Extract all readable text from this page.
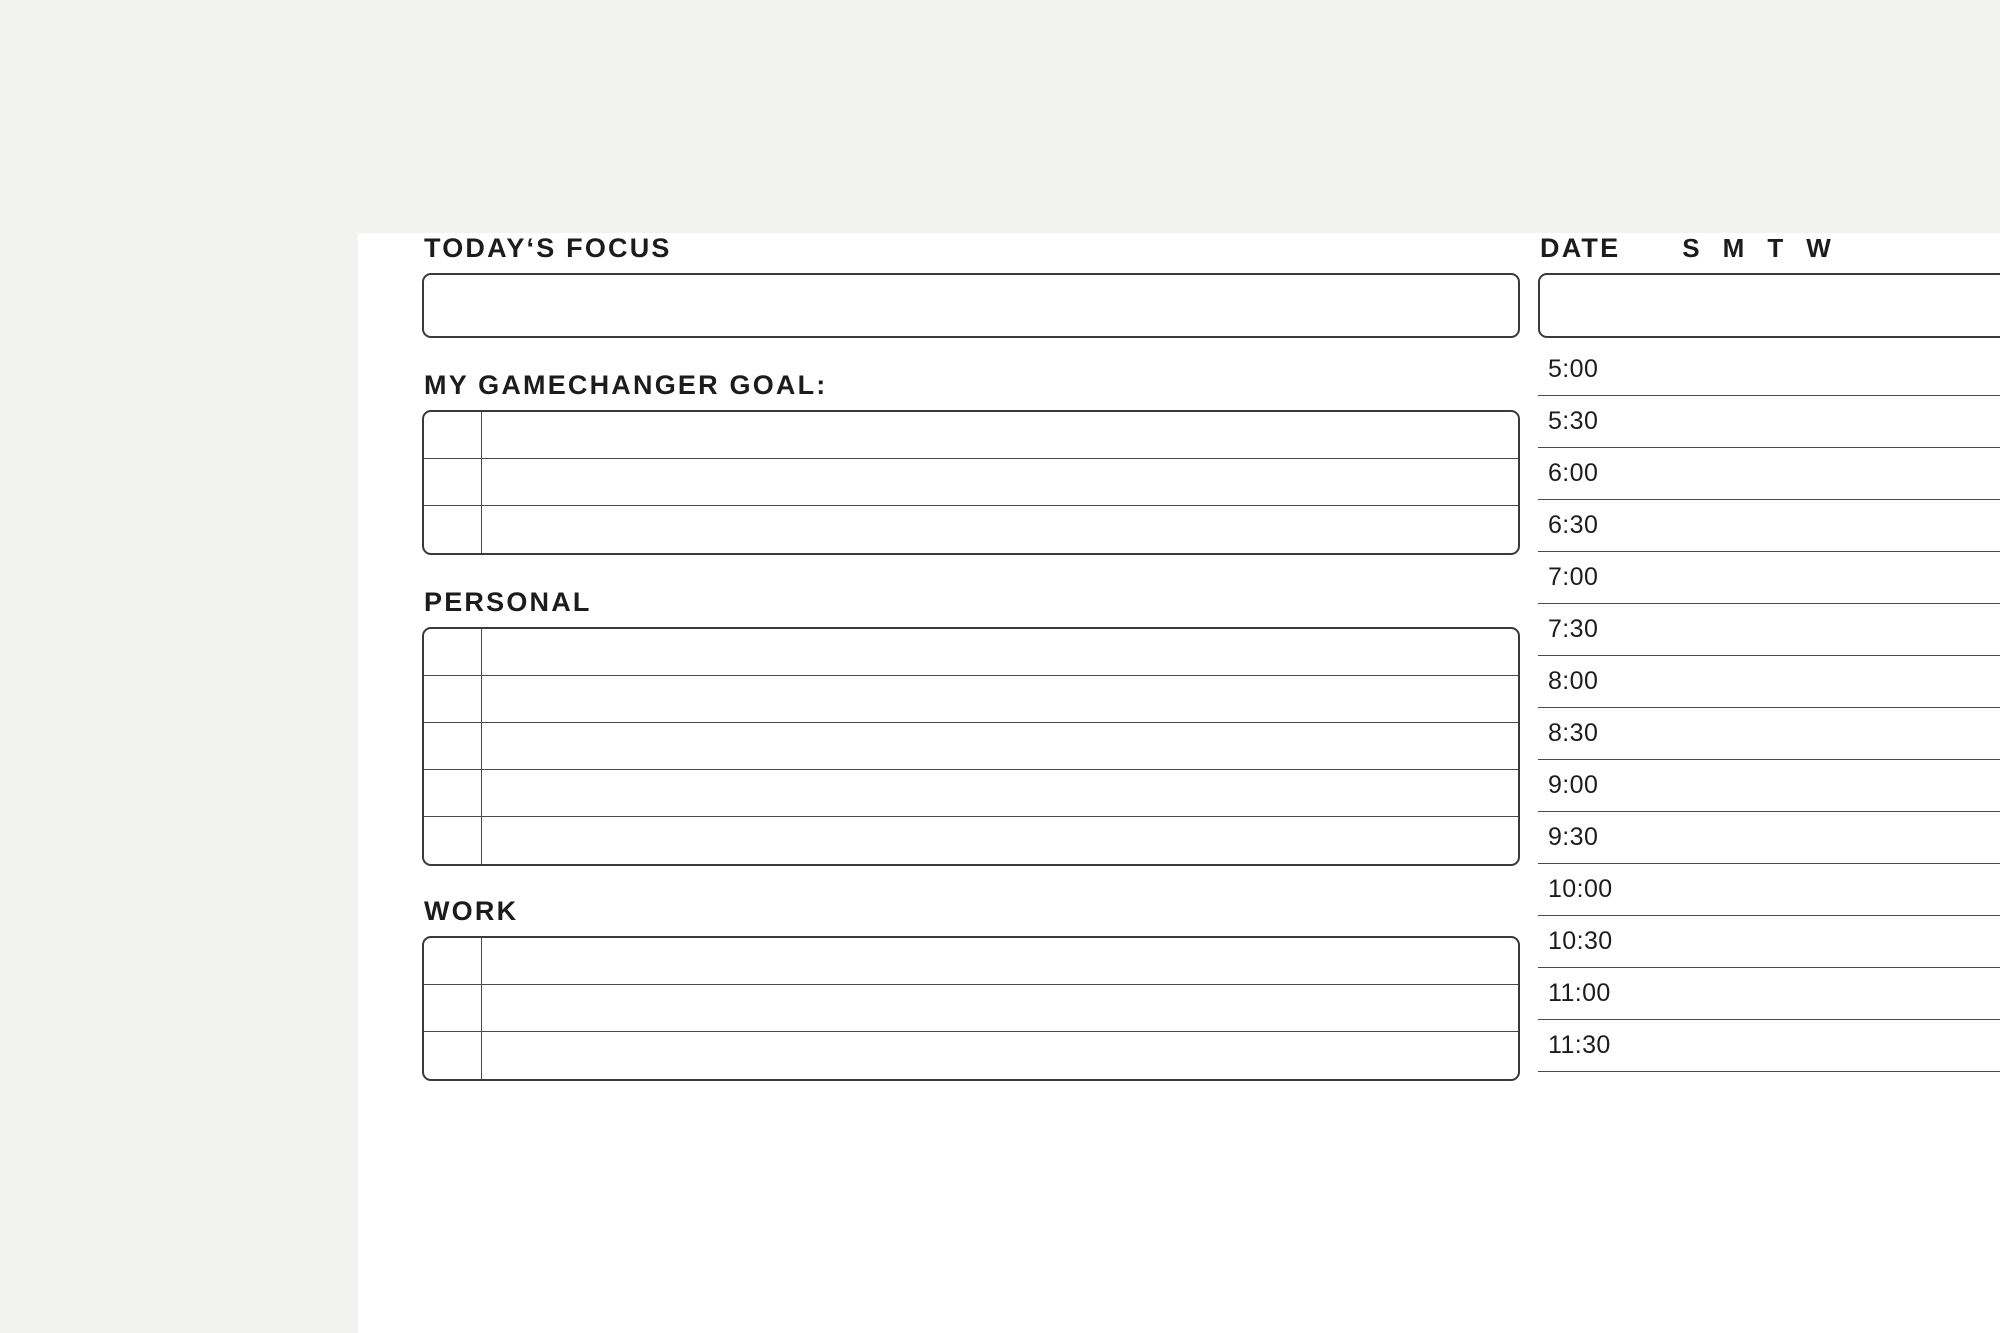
TODAY‘S FOCUS
MY GAMECHANGER GOAL:
PERSONAL
WORK
DATE S M T W
5:00
5:30
6:00
6:30
7:00
7:30
8:00
8:30
9:00
9:30
10:00
10:30
11:00
11:30
